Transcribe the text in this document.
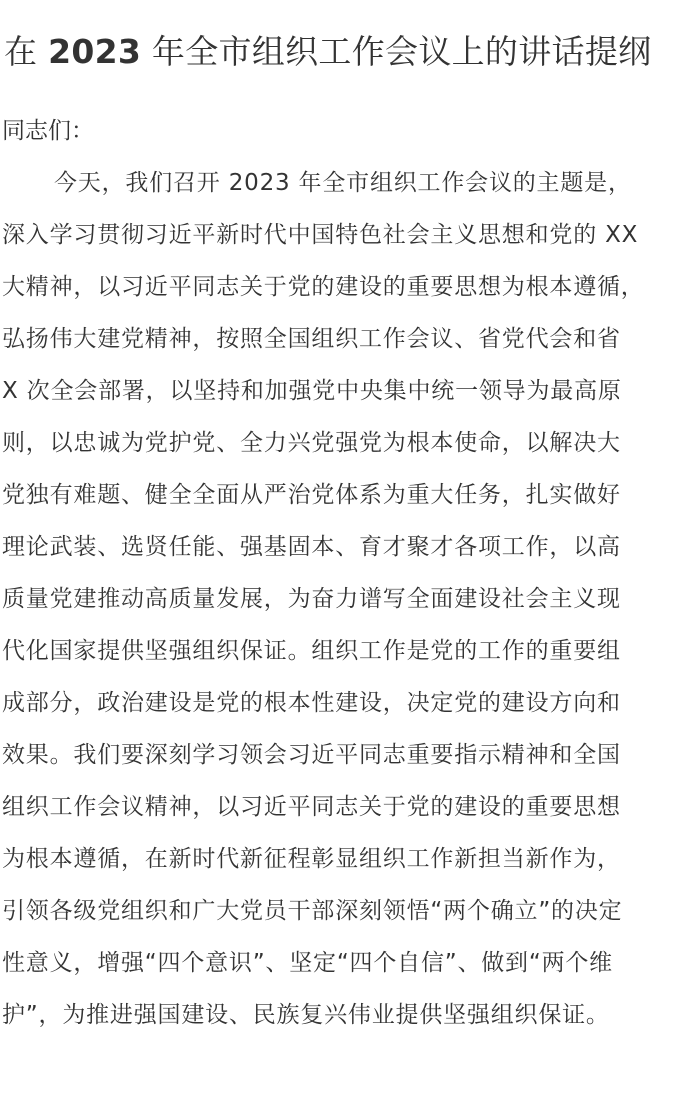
在 2023 年全市组织工作会议上的讲话提纲

同志们：

今天，我们召开 2023 年全市组织工作会议的主题是，
深入学习贯彻习近平新时代中国特色社会主义思想和党的 XX
大精神，以习近平同志关于党的建设的重要思想为根本遵循，
弘扬伟大建党精神，按照全国组织工作会议、省党代会和省
X 次全会部署，以坚持和加强党中央集中统一领导为最高原
则，以忠诚为党护党、全力兴党强党为根本使命，以解决大
党独有难题、健全全面从严治党体系为重大任务，扎实做好
理论武装、选贤任能、强基固本、育才聚才各项工作，以高
质量党建推动高质量发展，为奋力谱写全面建设社会主义现
代化国家提供坚强组织保证。组织工作是党的工作的重要组
成部分，政治建设是党的根本性建设，决定党的建设方向和
效果。我们要深刻学习领会习近平同志重要指示精神和全国
组织工作会议精神，以习近平同志关于党的建设的重要思想
为根本遵循，在新时代新征程彰显组织工作新担当新作为，
引领各级党组织和广大党员干部深刻领悟“两个确立”的决定
性意义，增强“四个意识”、坚定“四个自信”、做到“两个维
护”，为推进强国建设、民族复兴伟业提供坚强组织保证。
